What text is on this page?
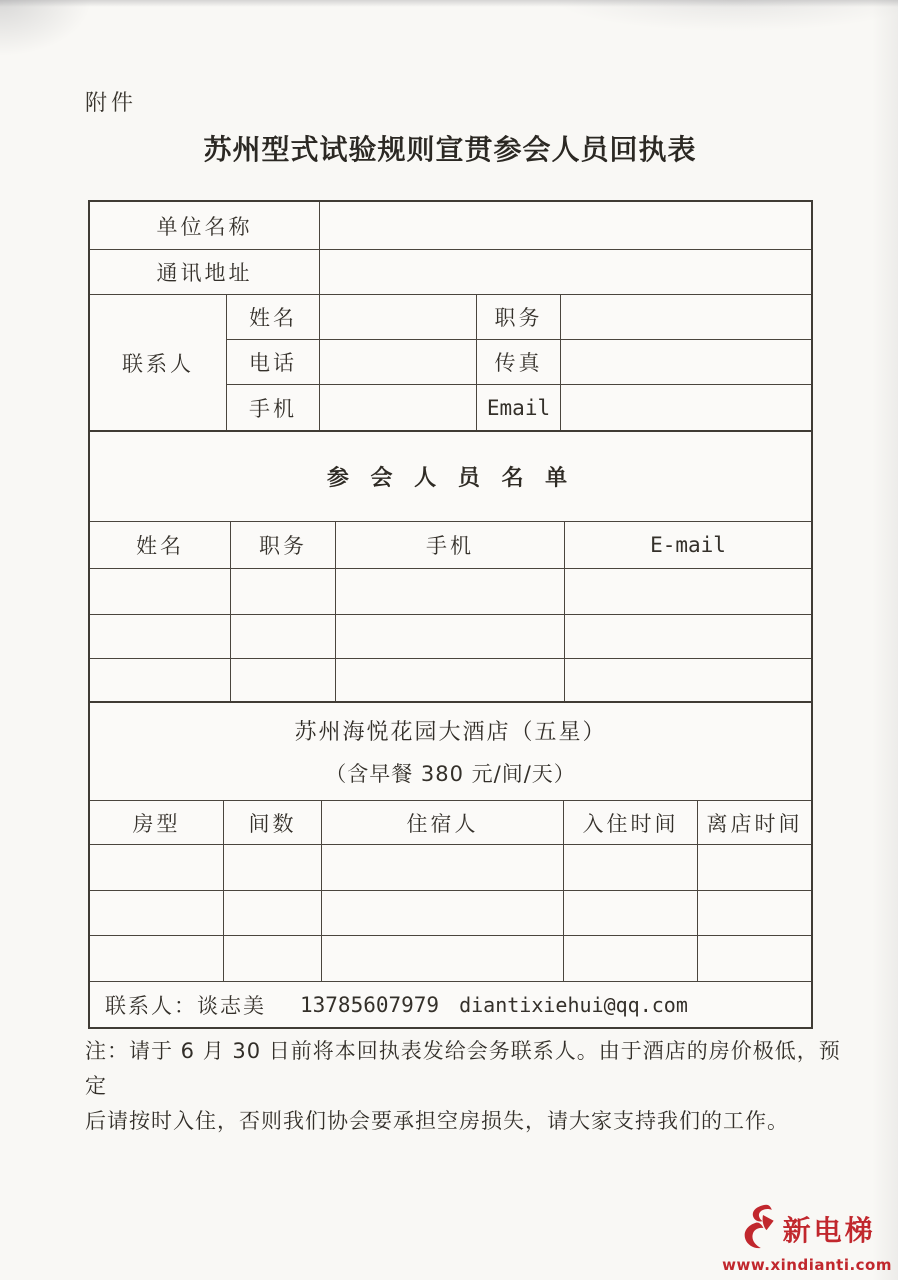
附件
苏州型式试验规则宣贯参会人员回执表
单位名称
通讯地址
联系人
姓名	职务
电话	传真
手机	Email
参 会 人 员 名 单
姓名	职务	手机	E-mail
苏州海悦花园大酒店（五星）
（含早餐 380 元/间/天）
房型	间数	住宿人	入住时间	离店时间
联系人： 谈志美 13785607979 diantixiehui@qq.com
注：请于 6 月 30 日前将本回执表发给会务联系人。由于酒店的房价极低，预定
后请按时入住，否则我们协会要承担空房损失，请大家支持我们的工作。
新电梯
www.xindianti.com
